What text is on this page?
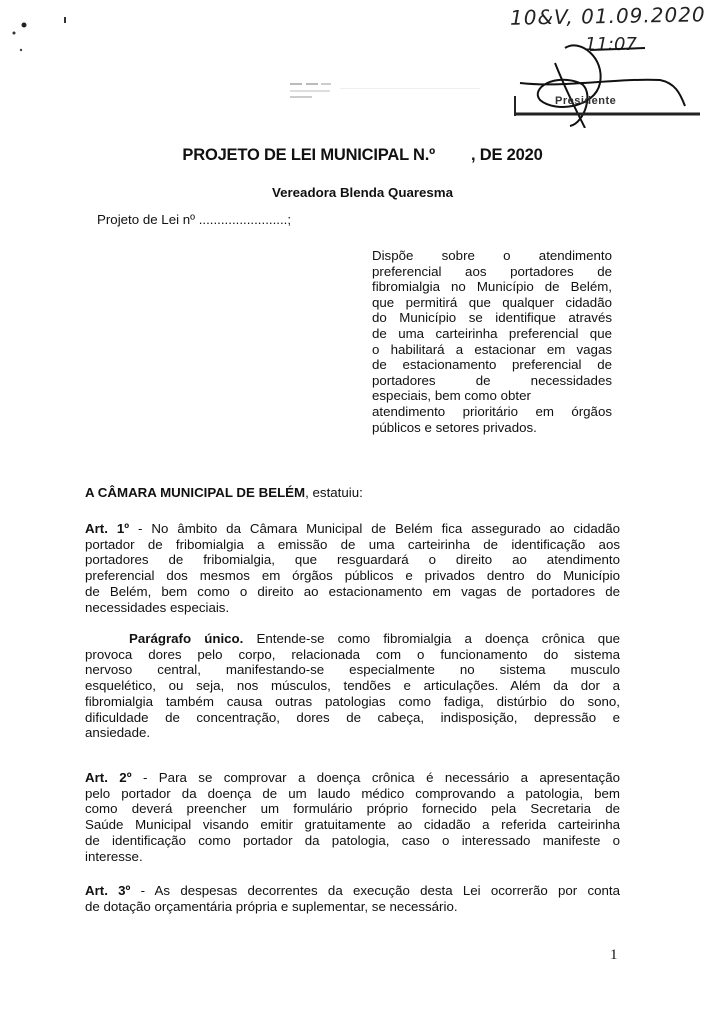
10&V, 01.09.2020
11:07
Presidente
PROJETO DE LEI MUNICIPAL N.º , DE 2020
Vereadora Blenda Quaresma
Projeto de Lei nº ........................;
Dispõe sobre o atendimento
preferencial aos portadores de
fibromialgia no Município de Belém,
que permitirá que qualquer cidadão
do Município se identifique através
de uma carteirinha preferencial que
o habilitará a estacionar em vagas
de estacionamento preferencial de
portadores de necessidades
especiais, bem como obter
atendimento prioritário em órgãos
públicos e setores privados.
A CÂMARA MUNICIPAL DE BELÉM, estatuiu:
Art. 1º - No âmbito da Câmara Municipal de Belém fica assegurado ao cidadão
portador de fribomialgia a emissão de uma carteirinha de identificação aos
portadores de fribomialgia, que resguardará o direito ao atendimento
preferencial dos mesmos em órgãos públicos e privados dentro do Município
de Belém, bem como o direito ao estacionamento em vagas de portadores de
necessidades especiais.
Parágrafo único. Entende-se como fibromialgia a doença crônica que
provoca dores pelo corpo, relacionada com o funcionamento do sistema
nervoso central, manifestando-se especialmente no sistema musculo
esquelético, ou seja, nos músculos, tendões e articulações. Além da dor a
fibromialgia também causa outras patologias como fadiga, distúrbio do sono,
dificuldade de concentração, dores de cabeça, indisposição, depressão e
ansiedade.
Art. 2º - Para se comprovar a doença crônica é necessário a apresentação
pelo portador da doença de um laudo médico comprovando a patologia, bem
como deverá preencher um formulário próprio fornecido pela Secretaria de
Saúde Municipal visando emitir gratuitamente ao cidadão a referida carteirinha
de identificação como portador da patologia, caso o interessado manifeste o
interesse.
Art. 3º - As despesas decorrentes da execução desta Lei ocorrerão por conta
de dotação orçamentária própria e suplementar, se necessário.
1
